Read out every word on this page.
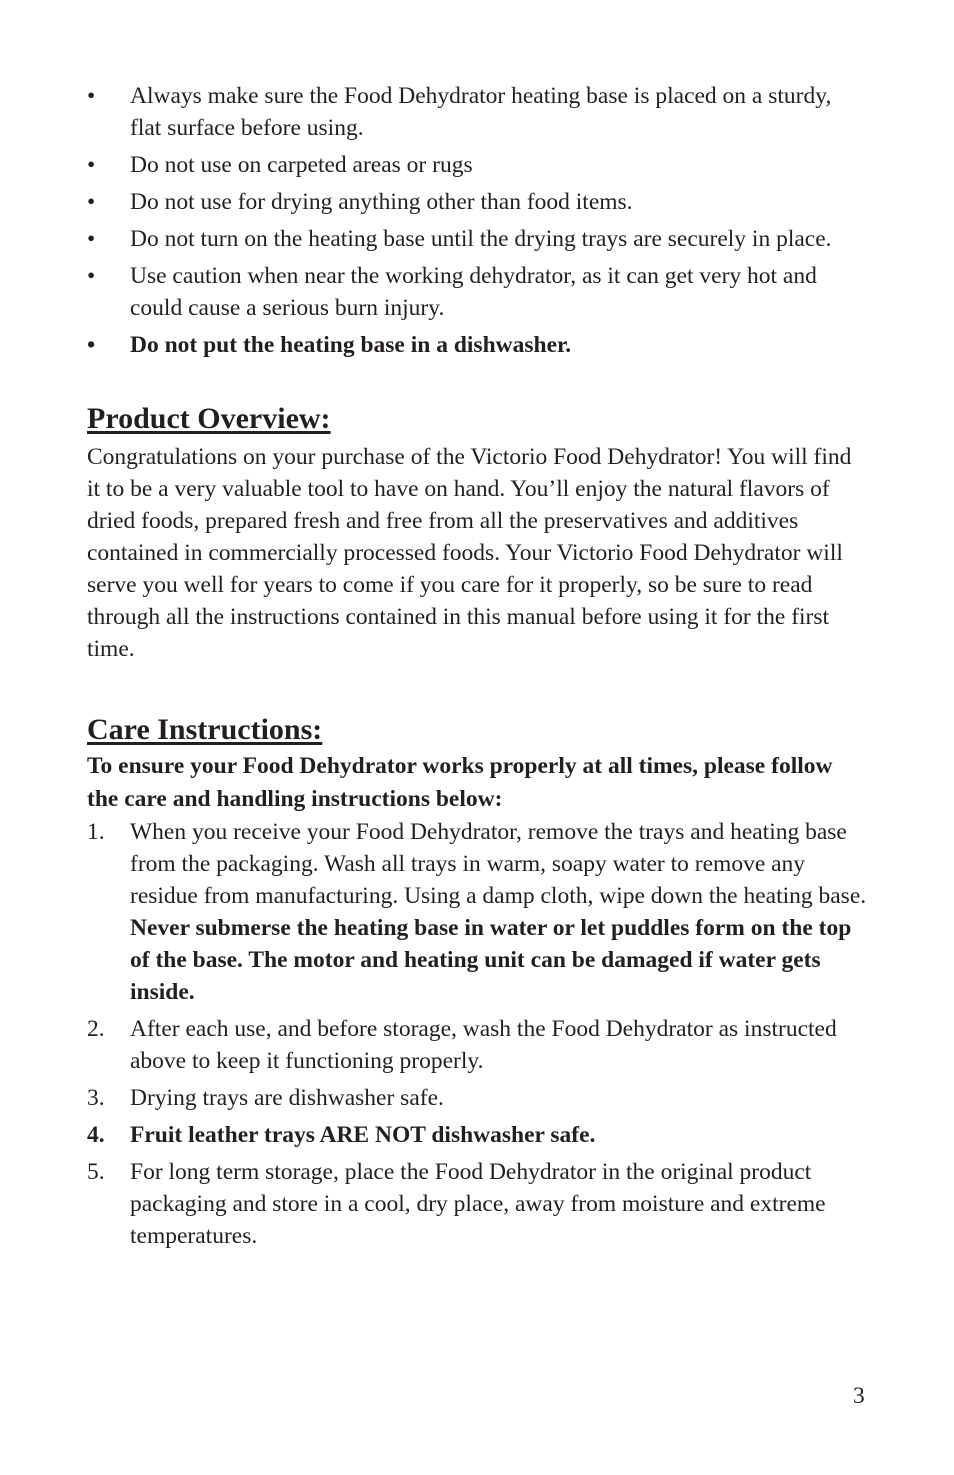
•	Always make sure the Food Dehydrator heating base is placed on a sturdy, flat surface before using.
•	Do not use on carpeted areas or rugs
•	Do not use for drying anything other than food items.
•	Do not turn on the heating base until the drying trays are securely in place.
•	Use caution when near the working dehydrator, as it can get very hot and could cause a serious burn injury.
•	Do not put the heating base in a dishwasher.
Product Overview:

Congratulations on your purchase of the Victorio Food Dehydrator! You will find it to be a very valuable tool to have on hand. You’ll enjoy the natural flavors of dried foods, prepared fresh and free from all the preservatives and additives contained in commercially processed foods. Your Victorio Food Dehydrator will serve you well for years to come if you care for it properly, so be sure to read through all the instructions contained in this manual before using it for the first time.

Care Instructions:

To ensure your Food Dehydrator works properly at all times, please follow the care and handling instructions below:

1.	When you receive your Food Dehydrator, remove the trays and heating base from the packaging. Wash all trays in warm, soapy water to remove any residue from manufacturing. Using a damp cloth, wipe down the heating base. Never submerse the heating base in water or let puddles form on the top of the base. The motor and heating unit can be damaged if water gets inside.
2.	After each use, and before storage, wash the Food Dehydrator as instructed above to keep it functioning properly.
3.	Drying trays are dishwasher safe.
4.	Fruit leather trays ARE NOT dishwasher safe.
5.	For long term storage, place the Food Dehydrator in the original product packaging and store in a cool, dry place, away from moisture and extreme temperatures.
3
